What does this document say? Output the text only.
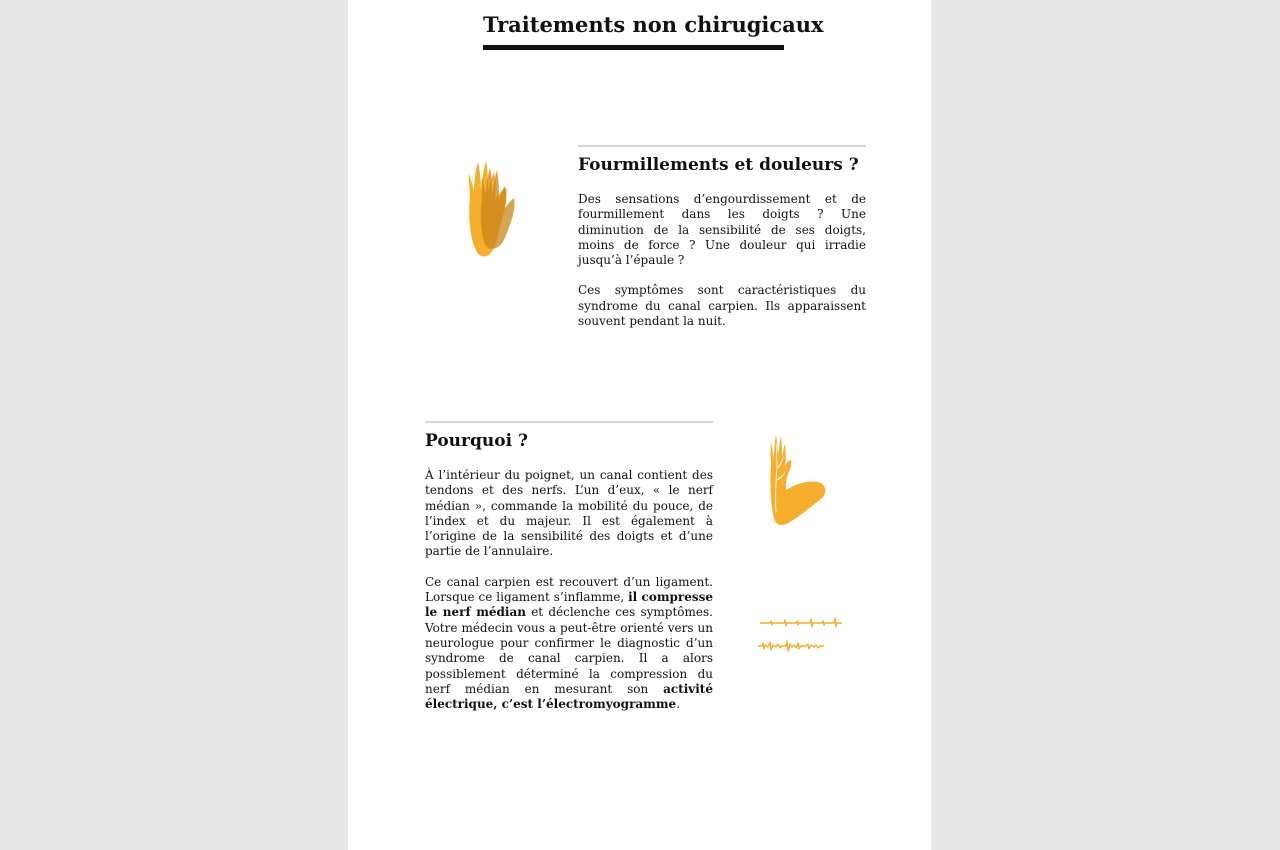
Traitements non chirugicaux
Fourmillements et douleurs ?

Des sensations d’engourdissement et de fourmillement dans les doigts ? Une diminution de la sensibilité de ses doigts, moins de force ? Une douleur qui irradie jusqu’à l’épaule ?

Ces symptômes sont caractéristiques du syndrome du canal carpien. Ils apparaissent souvent pendant la nuit.

Pourquoi ?

À l’intérieur du poignet, un canal contient des tendons et des nerfs. L’un d’eux, « le nerf médian », commande la mobilité du pouce, de l’index et du majeur. Il est également à l’origine de la sensibilité des doigts et d’une partie de l’annulaire.

Ce canal carpien est recouvert d’un ligament. Lorsque ce ligament s’inflamme, il compresse le nerf médian et déclenche ces symptômes. Votre médecin vous a peut-être orienté vers un neurologue pour confirmer le diagnostic d’un syndrome de canal carpien. Il a alors possiblement déterminé la compression du nerf médian en mesurant son activité électrique, c’est l’électromyogramme.
